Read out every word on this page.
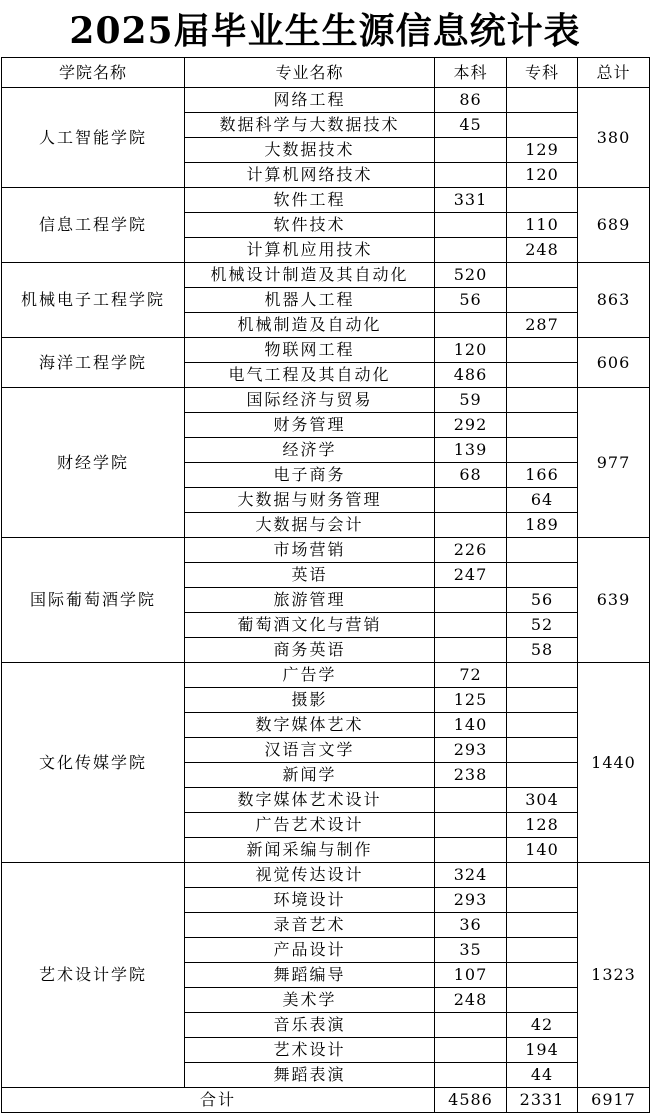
2025届毕业生生源信息统计表
学院名称	专业名称	本科	专科	总计
人工智能学院	网络工程	86		380
	数据科学与大数据技术	45		
	大数据技术		129	
	计算机网络技术		120	
信息工程学院	软件工程	331		689
	软件技术		110	
	计算机应用技术		248	
机械电子工程学院	机械设计制造及其自动化	520		863
	机器人工程	56		
	机械制造及自动化		287	
海洋工程学院	物联网工程	120		606
	电气工程及其自动化	486		
财经学院	国际经济与贸易	59		977
	财务管理	292		
	经济学	139		
	电子商务	68	166	
	大数据与财务管理		64	
	大数据与会计		189	
国际葡萄酒学院	市场营销	226		639
	英语	247		
	旅游管理		56	
	葡萄酒文化与营销		52	
	商务英语		58	
文化传媒学院	广告学	72		1440
	摄影	125		
	数字媒体艺术	140		
	汉语言文学	293		
	新闻学	238		
	数字媒体艺术设计		304	
	广告艺术设计		128	
	新闻采编与制作		140	
艺术设计学院	视觉传达设计	324		1323
	环境设计	293		
	录音艺术	36		
	产品设计	35		
	舞蹈编导	107		
	美术学	248		
	音乐表演		42	
	艺术设计		194	
	舞蹈表演		44	
合计		4586	2331	6917
